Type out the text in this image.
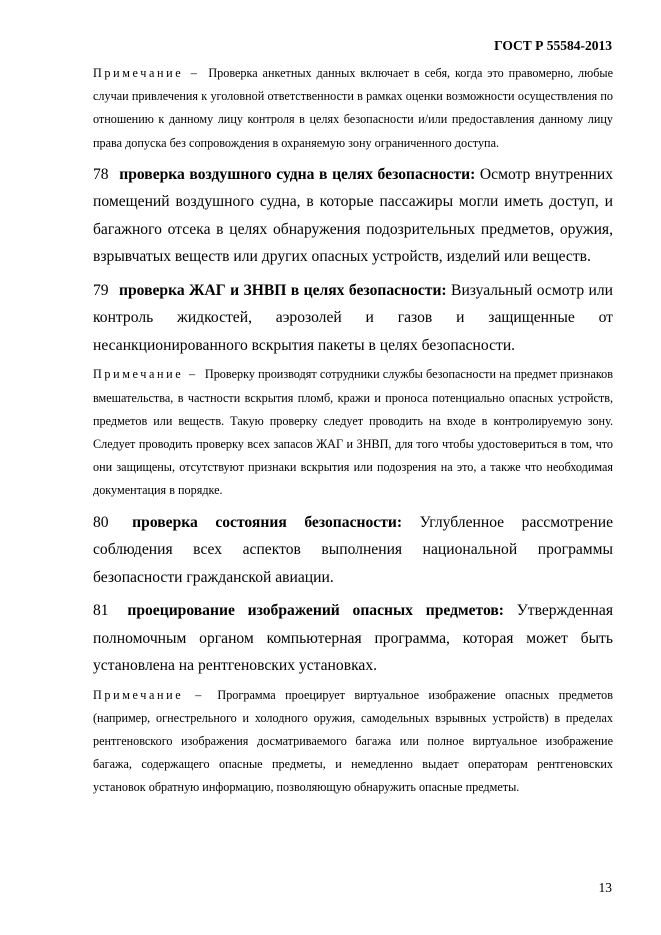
ГОСТ Р 55584-2013

Примечание – Проверка анкетных данных включает в себя, когда это правомерно, любые случаи привлечения к уголовной ответственности в рамках оценки возможности осуществления по отношению к данному лицу контроля в целях безопасности и/или предоставления данному лицу права допуска без сопровождения в охраняемую зону ограниченного доступа.

78 проверка воздушного судна в целях безопасности: Осмотр внутренних помещений воздушного судна, в которые пассажиры могли иметь доступ, и багажного отсека в целях обнаружения подозрительных предметов, оружия, взрывчатых веществ или других опасных устройств, изделий или веществ.

79 проверка ЖАГ и ЗНВП в целях безопасности: Визуальный осмотр или контроль жидкостей, аэрозолей и газов и защищенные от несанкционированного вскрытия пакеты в целях безопасности.

Примечание – Проверку производят сотрудники службы безопасности на предмет признаков вмешательства, в частности вскрытия пломб, кражи и проноса потенциально опасных устройств, предметов или веществ. Такую проверку следует проводить на входе в контролируемую зону. Следует проводить проверку всех запасов ЖАГ и ЗНВП, для того чтобы удостовериться в том, что они защищены, отсутствуют признаки вскрытия или подозрения на это, а также что необходимая документация в порядке.

80 проверка состояния безопасности: Углубленное рассмотрение соблюдения всех аспектов выполнения национальной программы безопасности гражданской авиации.

81 проецирование изображений опасных предметов: Утвержденная полномочным органом компьютерная программа, которая может быть установлена на рентгеновских установках.

Примечание – Программа проецирует виртуальное изображение опасных предметов (например, огнестрельного и холодного оружия, самодельных взрывных устройств) в пределах рентгеновского изображения досматриваемого багажа или полное виртуальное изображение багажа, содержащего опасные предметы, и немедленно выдает операторам рентгеновских установок обратную информацию, позволяющую обнаружить опасные предметы.

13
